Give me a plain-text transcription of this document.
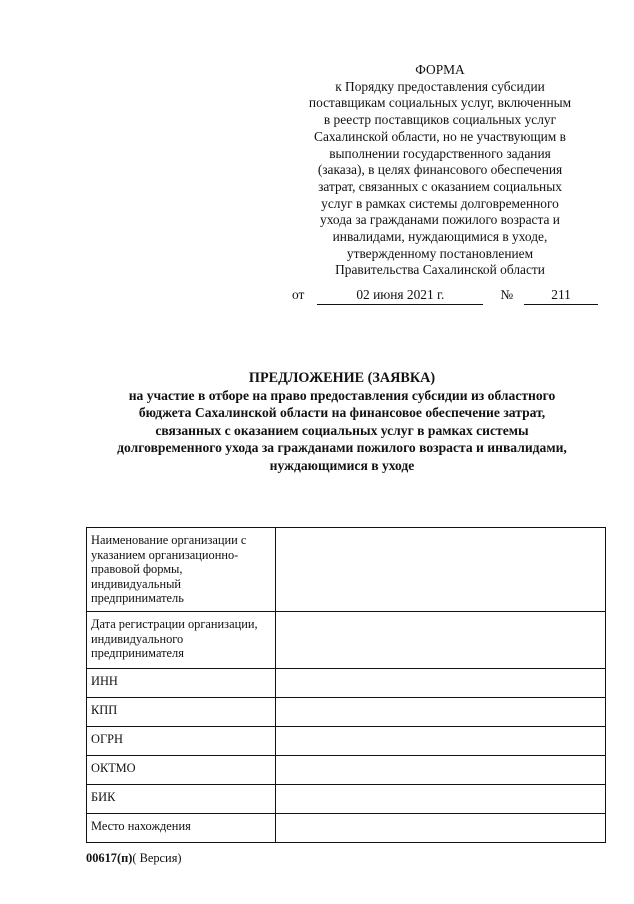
ФОРМА
к Порядку предоставления субсидии
поставщикам социальных услуг, включенным
в реестр поставщиков социальных услуг
Сахалинской области, но не участвующим в
выполнении государственного задания
(заказа), в целях финансового обеспечения
затрат, связанных с оказанием социальных
услуг в рамках системы долговременного
ухода за гражданами пожилого возраста и
инвалидами, нуждающимися в уходе,
утвержденному постановлением
Правительства Сахалинской области
от	02 июня 2021 г.	№	211
ПРЕДЛОЖЕНИЕ (ЗАЯВКА)
на участие в отборе на право предоставления субсидии из областного
бюджета Сахалинской области на финансовое обеспечение затрат,
связанных с оказанием социальных услуг в рамках системы
долговременного ухода за гражданами пожилого возраста и инвалидами,
нуждающимися в уходе
Наименование организации с
указанием организационно-
правовой формы,
индивидуальный
предприниматель	

Дата регистрации организации,
индивидуального
предпринимателя	

ИНН	

КПП	

ОГРН	

ОКТМО	

БИК	

Место нахождения	

00617(п)( Версия)
